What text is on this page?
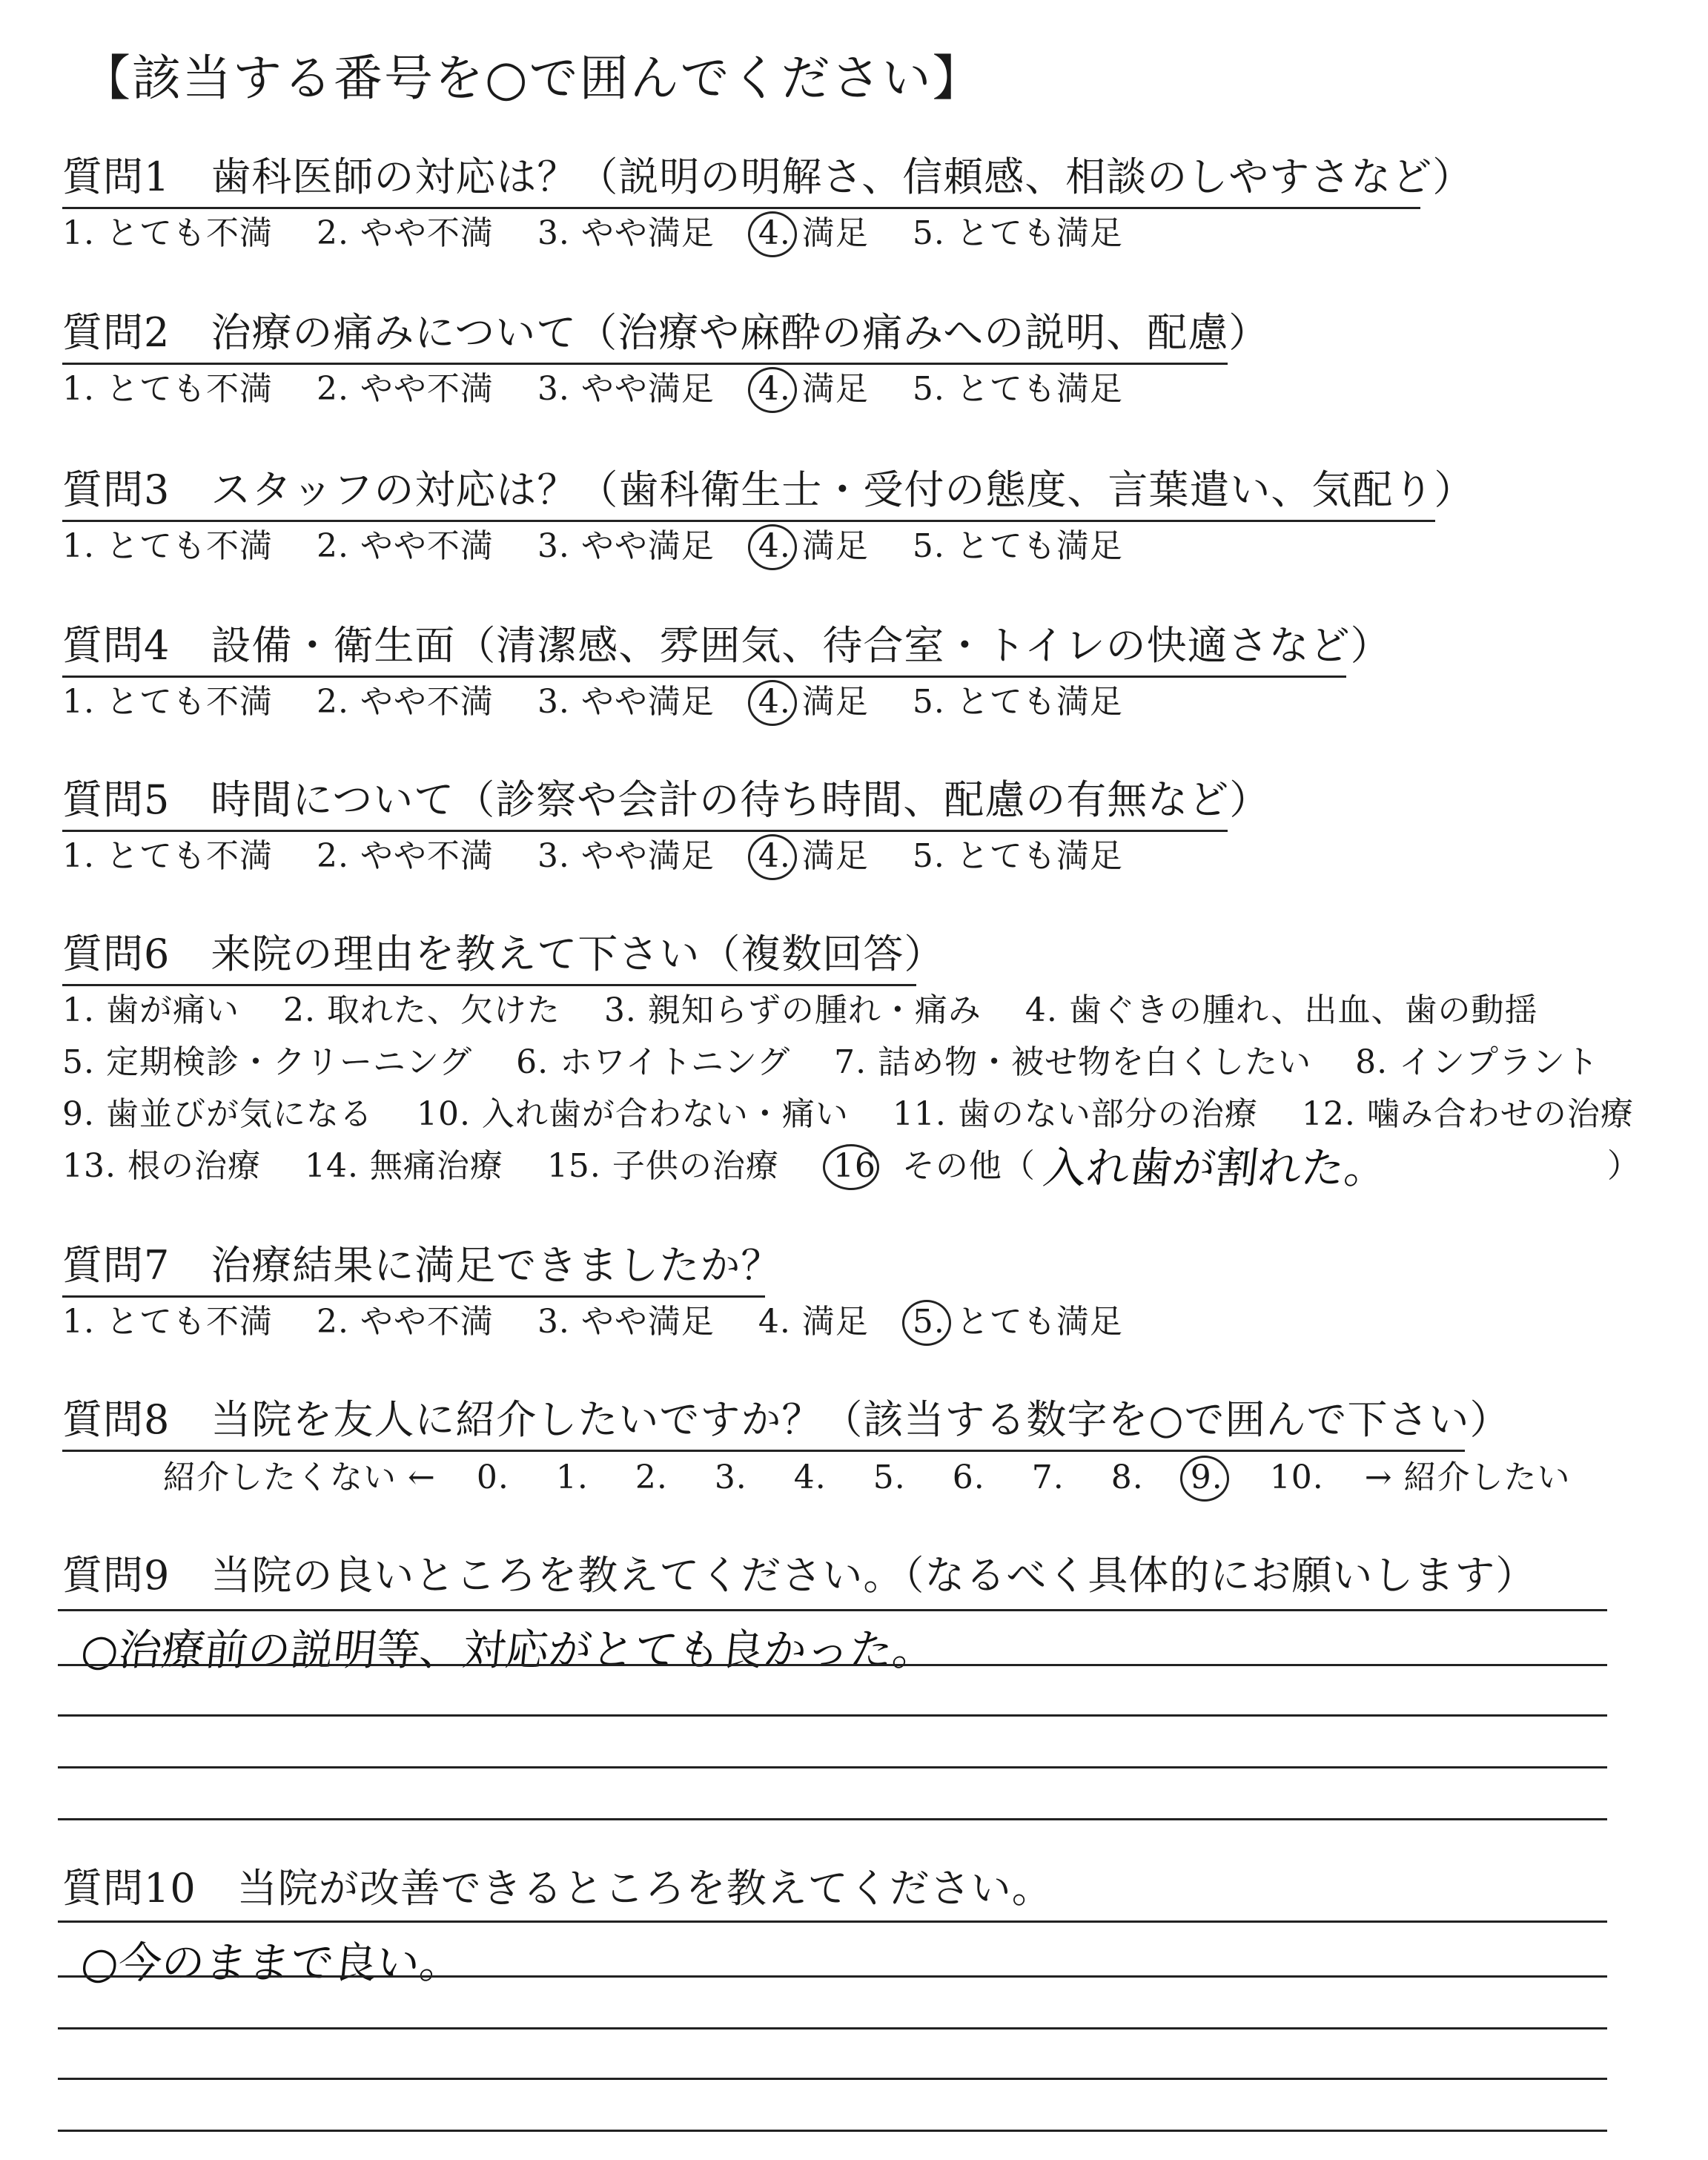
【該当する番号を○で囲んでください】
質問1　歯科医師の対応は？（説明の明解さ、信頼感、相談のしやすさなど）
1. とても不満 2. やや不満 3. やや満足 4. 満足 5. とても満足
質問2　治療の痛みについて（治療や麻酔の痛みへの説明、配慮）
1. とても不満 2. やや不満 3. やや満足 4. 満足 5. とても満足
質問3　スタッフの対応は？（歯科衛生士・受付の態度、言葉遣い、気配り）
1. とても不満 2. やや不満 3. やや満足 4. 満足 5. とても満足
質問4　設備・衛生面（清潔感、雰囲気、待合室・トイレの快適さなど）
1. とても不満 2. やや不満 3. やや満足 4. 満足 5. とても満足
質問5　時間について（診察や会計の待ち時間、配慮の有無など）
1. とても不満 2. やや不満 3. やや満足 4. 満足 5. とても満足
質問6　来院の理由を教えて下さい（複数回答）
1. 歯が痛い 2. 取れた、欠けた 3. 親知らずの腫れ・痛み 4. 歯ぐきの腫れ、出血、歯の動揺
5. 定期検診・クリーニング 6. ホワイトニング 7. 詰め物・被せ物を白くしたい 8. インプラント
9. 歯並びが気になる 10. 入れ歯が合わない・痛い 11. 歯のない部分の治療 12. 噛み合わせの治療
13. 根の治療 14. 無痛治療 15. 子供の治療 16 その他（ 入れ歯が割れた。	）
質問7　治療結果に満足できましたか？
1. とても不満 2. やや不満 3. やや満足 4. 満足 5. とても満足
質問8　当院を友人に紹介したいですか？（該当する数字を○で囲んで下さい）
紹介したくない ← 0. 1. 2. 3. 4. 5. 6. 7. 8. 9. 10. → 紹介したい
質問9　当院の良いところを教えてください。（なるべく具体的にお願いします）
○治療前の説明等、対応がとても良かった。
質問10　当院が改善できるところを教えてください。
○今のままで良い。
